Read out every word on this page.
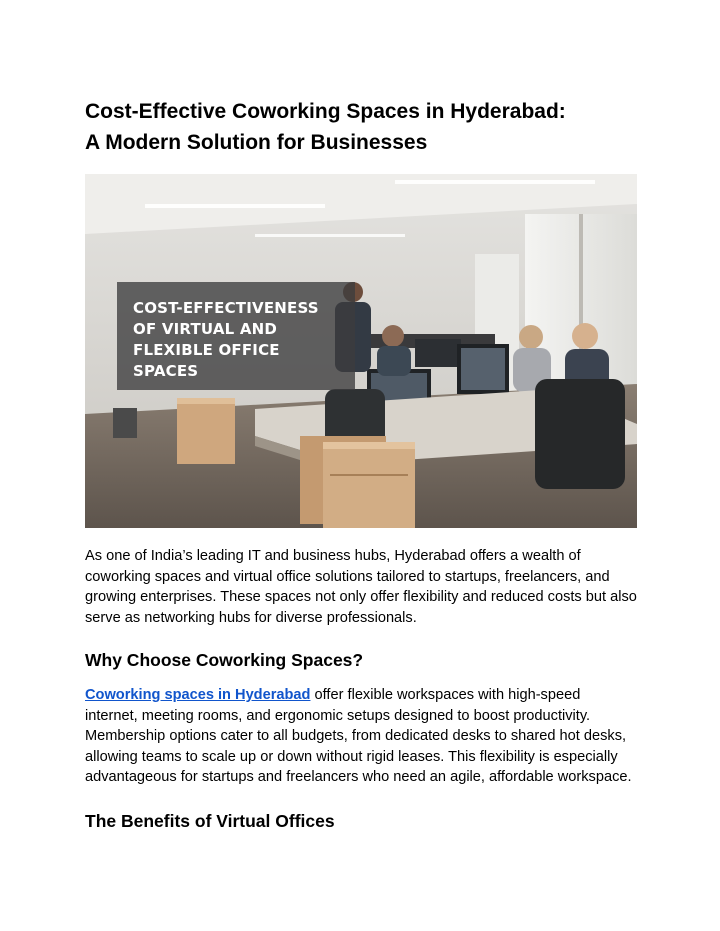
Cost-Effective Coworking Spaces in Hyderabad:
A Modern Solution for Businesses
COST-EFFECTIVENESS
OF VIRTUAL AND
FLEXIBLE OFFICE
SPACES

As one of India’s leading IT and business hubs, Hyderabad offers a wealth of coworking spaces and virtual office solutions tailored to startups, freelancers, and growing enterprises. These spaces not only offer flexibility and reduced costs but also serve as networking hubs for diverse professionals.

Why Choose Coworking Spaces?

Coworking spaces in Hyderabad offer flexible workspaces with high-speed internet, meeting rooms, and ergonomic setups designed to boost productivity. Membership options cater to all budgets, from dedicated desks to shared hot desks, allowing teams to scale up or down without rigid leases. This flexibility is especially advantageous for startups and freelancers who need an agile, affordable workspace.

The Benefits of Virtual Offices
